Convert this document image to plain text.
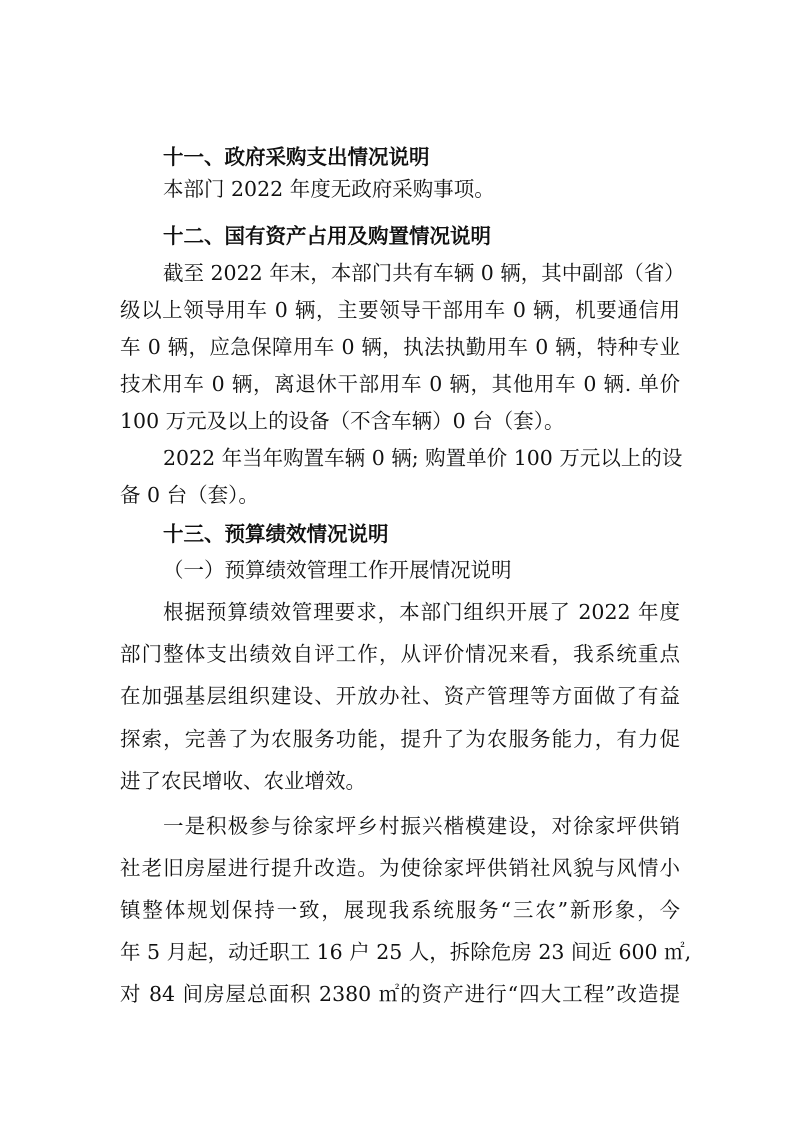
十一、政府采购支出情况说明
本部门 2022 年度无政府采购事项。
十二、国有资产占用及购置情况说明
截至 2022 年末，本部门共有车辆 0 辆，其中副部（省）
级以上领导用车 0 辆，主要领导干部用车 0 辆，机要通信用
车 0 辆，应急保障用车 0 辆，执法执勤用车 0 辆，特种专业
技术用车 0 辆，离退休干部用车 0 辆，其他用车 0 辆. 单价
100 万元及以上的设备（不含车辆）0 台（套）。
2022 年当年购置车辆 0 辆; 购置单价 100 万元以上的设
备 0 台（套）。
十三、预算绩效情况说明
（一）预算绩效管理工作开展情况说明
根据预算绩效管理要求，本部门组织开展了 2022 年度
部门整体支出绩效自评工作，从评价情况来看，我系统重点
在加强基层组织建设、开放办社、资产管理等方面做了有益
探索，完善了为农服务功能，提升了为农服务能力，有力促
进了农民增收、农业增效。
一是积极参与徐家坪乡村振兴楷模建设，对徐家坪供销
社老旧房屋进行提升改造。为使徐家坪供销社风貌与风情小
镇整体规划保持一致，展现我系统服务“三农”新形象，今
年 5 月起，动迁职工 16 户 25 人，拆除危房 23 间近 600 ㎡,
对 84 间房屋总面积 2380 ㎡的资产进行“四大工程”改造提
